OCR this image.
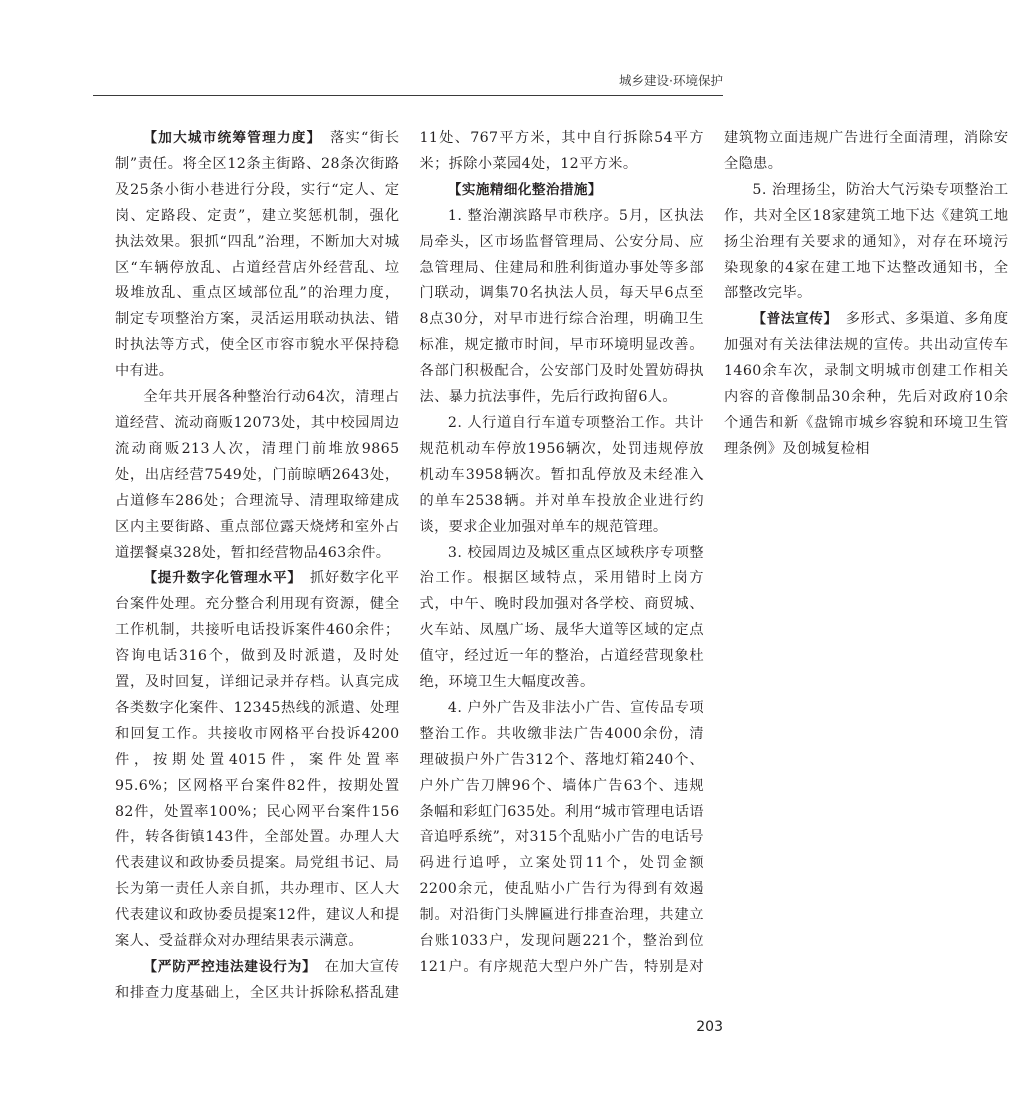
城乡建设·环境保护

【加大城市统筹管理力度】　 落实“街长制”责任。将全区12条主街路、28条次街路及25条小街小巷进行分段，实行“定人、定岗、定路段、定责”，建立奖惩机制，强化执法效果。狠抓“四乱”治理，不断加大对城区“车辆停放乱、占道经营店外经营乱、垃圾堆放乱、重点区域部位乱”的治理力度，制定专项整治方案，灵活运用联动执法、错时执法等方式，使全区市容市貌水平保持稳中有进。

全年共开展各种整治行动64次，清理占道经营、流动商贩12073处，其中校园周边流动商贩213人次，清理门前堆放9865处，出店经营7549处，门前晾晒2643处，占道修车286处；合理流导、清理取缔建成区内主要街路、重点部位露天烧烤和室外占道摆餐桌328处，暂扣经营物品463余件。

【提升数字化管理水平】　 抓好数字化平台案件处理。充分整合利用现有资源，健全工作机制，共接听电话投诉案件460余件；咨询电话316个，做到及时派遣，及时处置，及时回复，详细记录并存档。认真完成各类数字化案件、12345热线的派遣、处理和回复工作。共接收市网格平台投诉4200件，按期处置4015件，案件处置率95.6%；区网格平台案件82件，按期处置82件，处置率100%；民心网平台案件156件，转各街镇143件，全部处置。办理人大代表建议和政协委员提案。局党组书记、局长为第一责任人亲自抓，共办理市、区人大代表建议和政协委员提案12件，建议人和提案人、受益群众对办理结果表示满意。

【严防严控违法建设行为】　 在加大宣传和排查力度基础上，全区共计拆除私搭乱建11处、767平方米，其中自行拆除54平方米；拆除小菜园4处，12平方米。

【实施精细化整治措施】

1. 整治潮滨路早市秩序。5月，区执法局牵头，区市场监督管理局、公安分局、应急管理局、住建局和胜利街道办事处等多部门联动，调集70名执法人员，每天早6点至8点30分，对早市进行综合治理，明确卫生标准，规定撤市时间，早市环境明显改善。各部门积极配合，公安部门及时处置妨碍执法、暴力抗法事件，先后行政拘留6人。

2. 人行道自行车道专项整治工作。共计规范机动车停放1956辆次，处罚违规停放机动车3958辆次。暂扣乱停放及未经准入的单车2538辆。并对单车投放企业进行约谈，要求企业加强对单车的规范管理。

3. 校园周边及城区重点区域秩序专项整治工作。根据区域特点，采用错时上岗方式，中午、晚时段加强对各学校、商贸城、火车站、凤凰广场、晟华大道等区域的定点值守，经过近一年的整治，占道经营现象杜绝，环境卫生大幅度改善。

4. 户外广告及非法小广告、宣传品专项整治工作。共收缴非法广告4000余份，清理破损户外广告312个、落地灯箱240个、户外广告刀牌96个、墙体广告63个、违规条幅和彩虹门635处。利用“城市管理电话语音追呼系统”，对315个乱贴小广告的电话号码进行追呼，立案处罚11个，处罚金额2200余元，使乱贴小广告行为得到有效遏制。对沿街门头牌匾进行排查治理，共建立台账1033户，发现问题221个，整治到位121户。有序规范大型户外广告，特别是对建筑物立面违规广告进行全面清理，消除安全隐患。

5. 治理扬尘，防治大气污染专项整治工作，共对全区18家建筑工地下达《建筑工地扬尘治理有关要求的通知》，对存在环境污染现象的4家在建工地下达整改通知书，全部整改完毕。

【普法宣传】　 多形式、多渠道、多角度加强对有关法律法规的宣传。共出动宣传车1460余车次，录制文明城市创建工作相关内容的音像制品30余种，先后对政府10余个通告和新《盘锦市城乡容貌和环境卫生管理条例》及创城复检相

203
